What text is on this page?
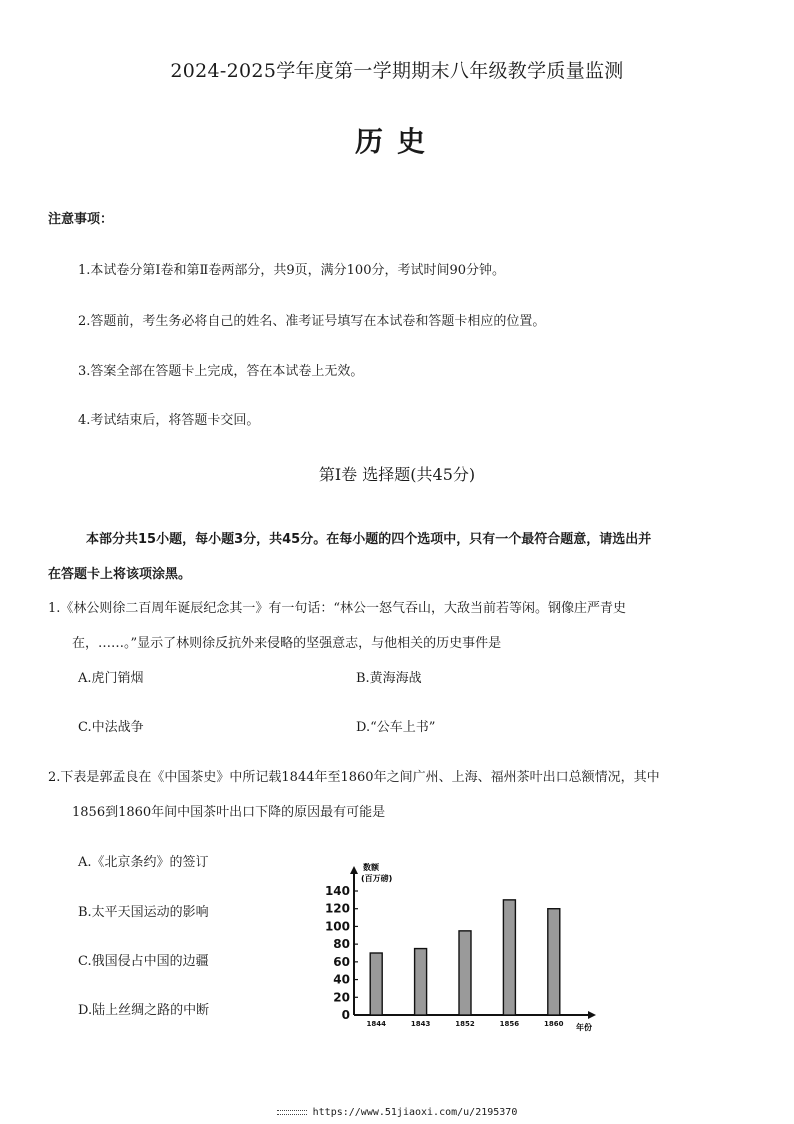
2024-2025学年度第一学期期末八年级教学质量监测
历史
注意事项：
1.本试卷分第Ⅰ卷和第Ⅱ卷两部分，共9页，满分100分，考试时间90分钟。
2.答题前，考生务必将自己的姓名、准考证号填写在本试卷和答题卡相应的位置。
3.答案全部在答题卡上完成，答在本试卷上无效。
4.考试结束后，将答题卡交回。
第Ⅰ卷 选择题(共45分)
本部分共15小题，每小题3分，共45分。在每小题的四个选项中，只有一个最符合题意，请选出并
在答题卡上将该项涂黑。
1.《林公则徐二百周年诞辰纪念其一》有一句话：“林公一怒气吞山，大敌当前若等闲。钢像庄严青史
在，……。”显示了林则徐反抗外来侵略的坚强意志，与他相关的历史事件是
A.虎门销烟	B.黄海海战
C.中法战争	D.“公车上书”
2.下表是郭孟良在《中国茶史》中所记载1844年至1860年之间广州、上海、福州茶叶出口总额情况，其中
1856到1860年间中国茶叶出口下降的原因最有可能是
A.《北京条约》的签订
B.太平天国运动的影响
C.俄国侵占中国的边疆
D.陆上丝绸之路的中断	0
20
40
60
80
100
120
140
1844	1843	1852	1856	1860
数额
(百万磅)
年份
https://www.51jiaoxi.com/u/2195370
